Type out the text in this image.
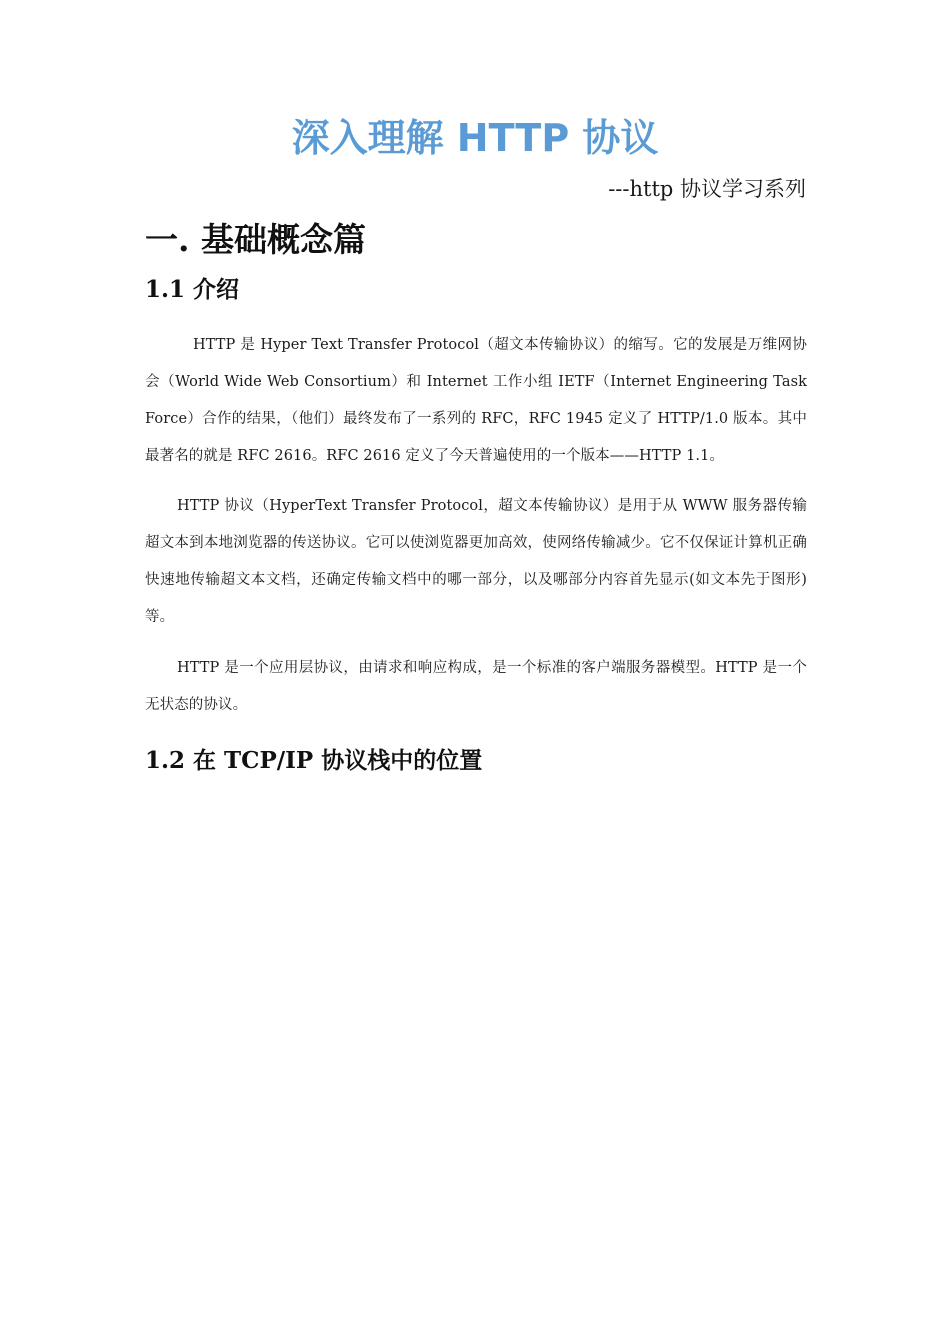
深入理解 HTTP 协议

---http 协议学习系列

一. 基础概念篇
1.1 介绍

HTTP 是 Hyper Text Transfer Protocol（超文本传输协议）的缩写。它的发展是万维网协会（World Wide Web Consortium）和 Internet 工作小组 IETF（Internet Engineering Task Force）合作的结果，（他们）最终发布了一系列的 RFC，RFC 1945 定义了 HTTP/1.0 版本。其中最著名的就是 RFC 2616。RFC 2616 定义了今天普遍使用的一个版本——HTTP 1.1。

HTTP 协议（HyperText Transfer Protocol，超文本传输协议）是用于从 WWW 服务器传输超文本到本地浏览器的传送协议。它可以使浏览器更加高效，使网络传输减少。它不仅保证计算机正确快速地传输超文本文档，还确定传输文档中的哪一部分，以及哪部分内容首先显示(如文本先于图形)等。

HTTP 是一个应用层协议，由请求和响应构成，是一个标准的客户端服务器模型。HTTP 是一个无状态的协议。

1.2 在 TCP/IP 协议栈中的位置
